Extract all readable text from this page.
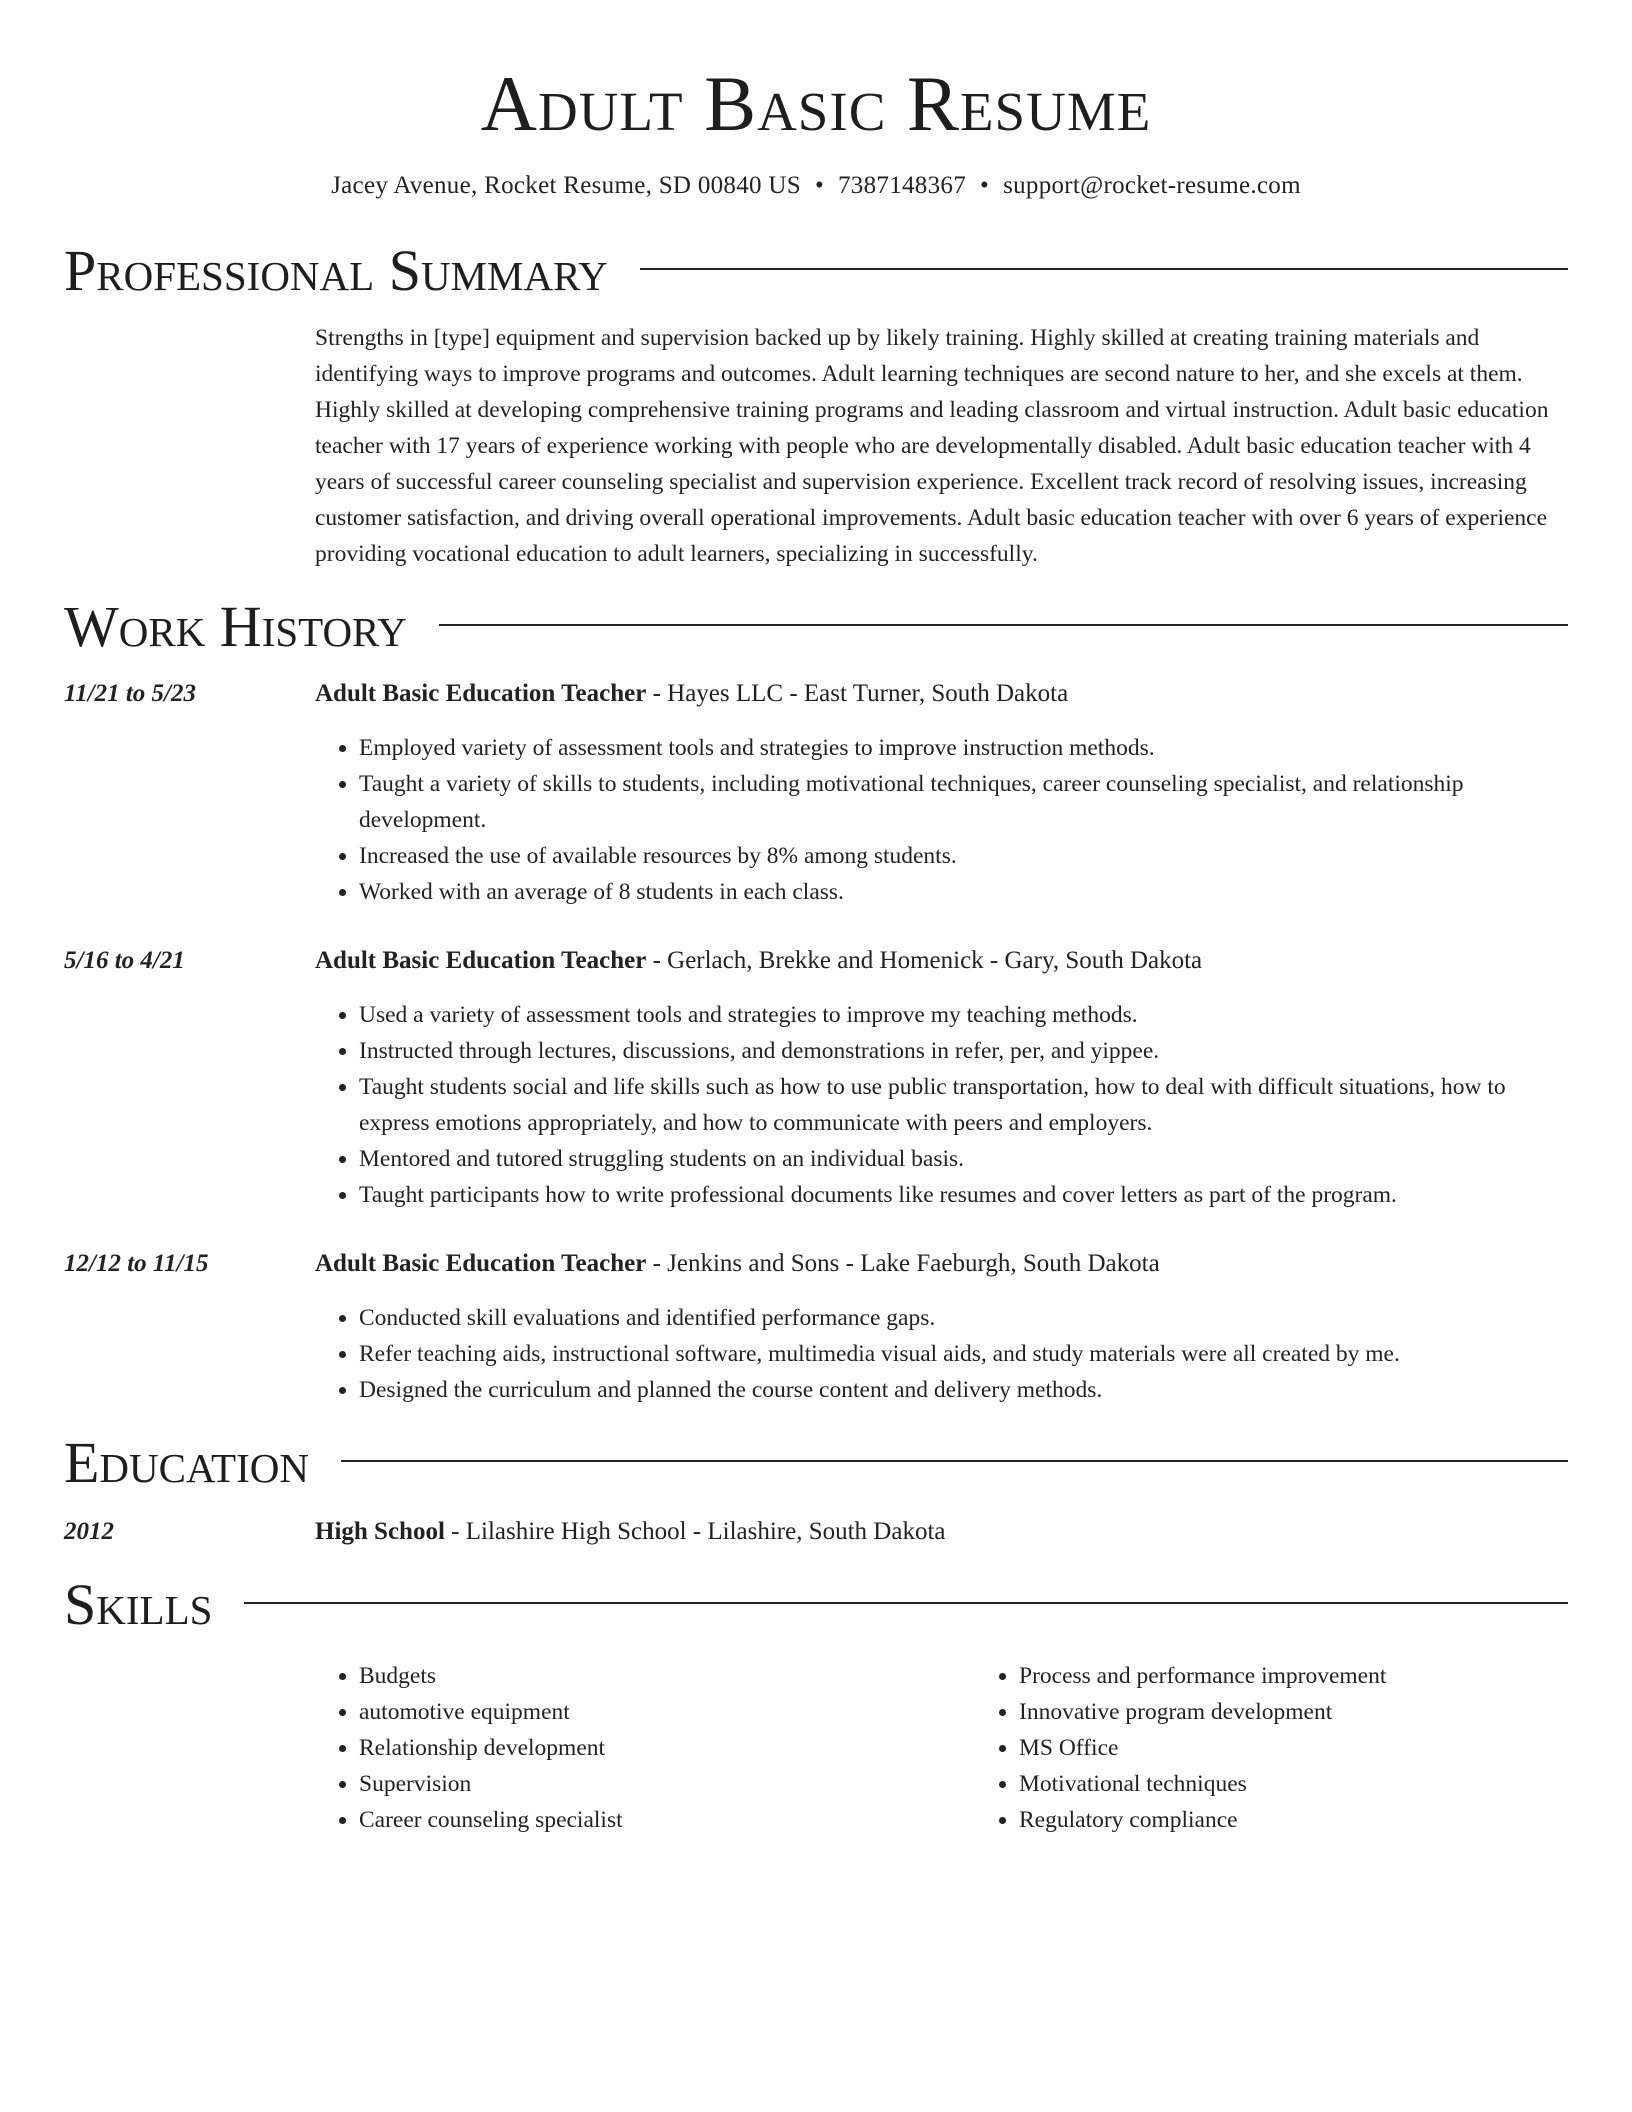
Adult Basic Resume
Jacey Avenue, Rocket Resume, SD 00840 US • 7387148367 • support@rocket-resume.com
Professional Summary
Strengths in [type] equipment and supervision backed up by likely training. Highly skilled at creating training materials and identifying ways to improve programs and outcomes. Adult learning techniques are second nature to her, and she excels at them. Highly skilled at developing comprehensive training programs and leading classroom and virtual instruction. Adult basic education teacher with 17 years of experience working with people who are developmentally disabled. Adult basic education teacher with 4 years of successful career counseling specialist and supervision experience. Excellent track record of resolving issues, increasing customer satisfaction, and driving overall operational improvements. Adult basic education teacher with over 6 years of experience providing vocational education to adult learners, specializing in successfully.
Work History
11/21 to 5/23	Adult Basic Education Teacher - Hayes LLC - East Turner, South Dakota
• Employed variety of assessment tools and strategies to improve instruction methods.
• Taught a variety of skills to students, including motivational techniques, career counseling specialist, and relationship development.
• Increased the use of available resources by 8% among students.
• Worked with an average of 8 students in each class.
5/16 to 4/21	Adult Basic Education Teacher - Gerlach, Brekke and Homenick - Gary, South Dakota
• Used a variety of assessment tools and strategies to improve my teaching methods.
• Instructed through lectures, discussions, and demonstrations in refer, per, and yippee.
• Taught students social and life skills such as how to use public transportation, how to deal with difficult situations, how to express emotions appropriately, and how to communicate with peers and employers.
• Mentored and tutored struggling students on an individual basis.
• Taught participants how to write professional documents like resumes and cover letters as part of the program.
12/12 to 11/15	Adult Basic Education Teacher - Jenkins and Sons - Lake Faeburgh, South Dakota
• Conducted skill evaluations and identified performance gaps.
• Refer teaching aids, instructional software, multimedia visual aids, and study materials were all created by me.
• Designed the curriculum and planned the course content and delivery methods.
Education
2012	High School - Lilashire High School - Lilashire, South Dakota
Skills
• Budgets
• automotive equipment
• Relationship development
• Supervision
• Career counseling specialist
• Process and performance improvement
• Innovative program development
• MS Office
• Motivational techniques
• Regulatory compliance
